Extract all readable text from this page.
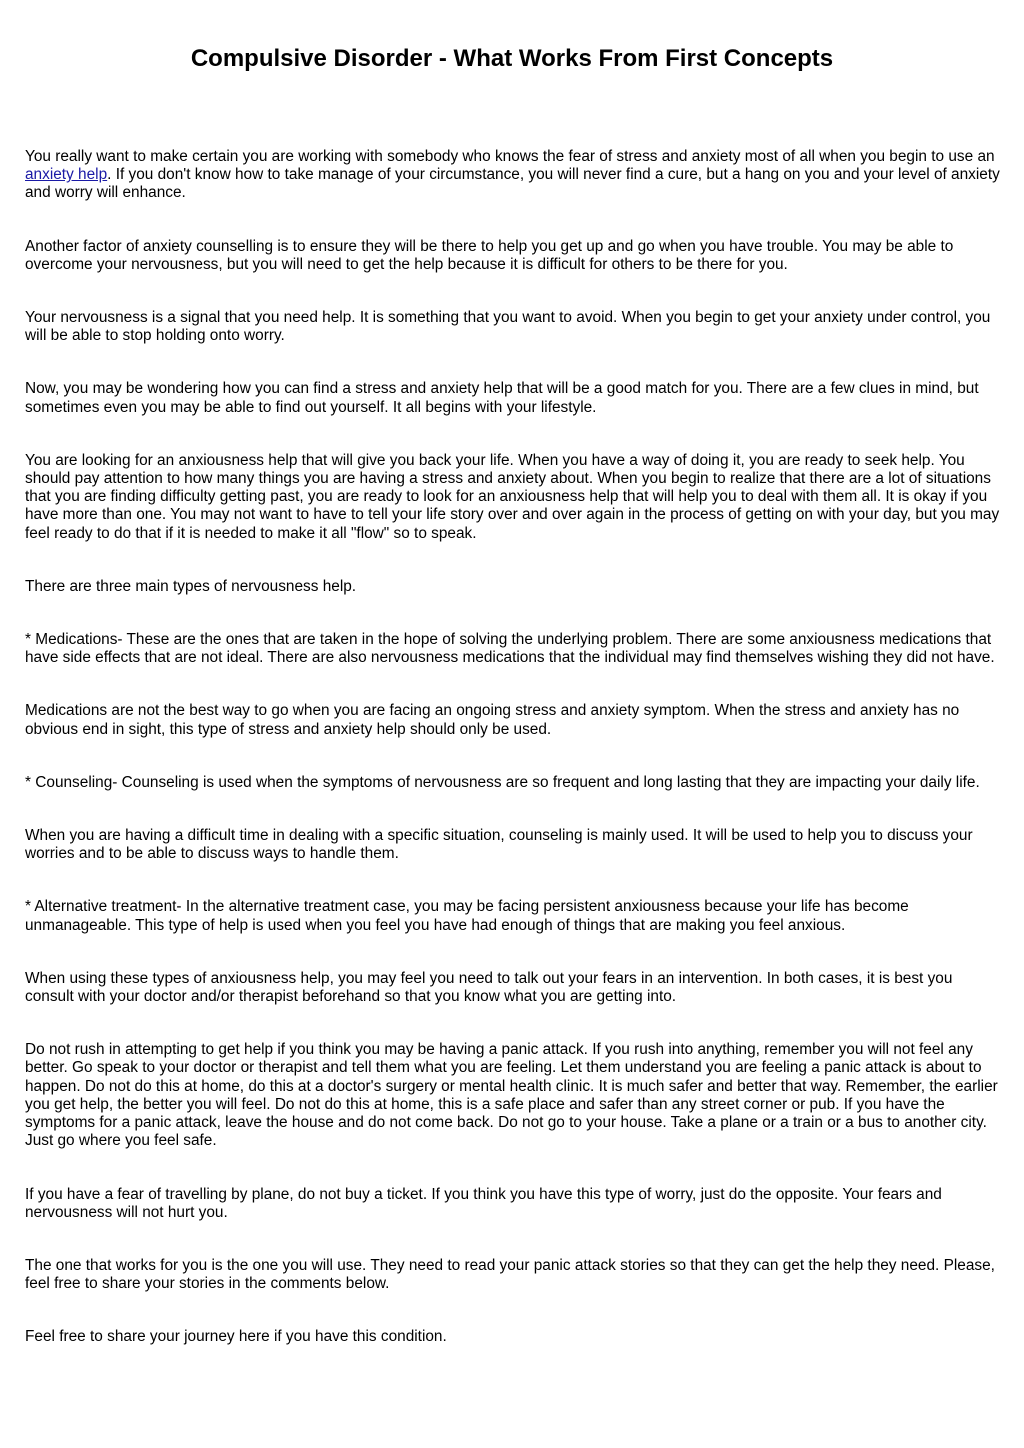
Compulsive Disorder - What Works From First Concepts

You really want to make certain you are working with somebody who knows the fear of stress and anxiety most of all when you begin to use an anxiety help. If you don't know how to take manage of your circumstance, you will never find a cure, but a hang on you and your level of anxiety and worry will enhance.

Another factor of anxiety counselling is to ensure they will be there to help you get up and go when you have trouble. You may be able to overcome your nervousness, but you will need to get the help because it is difficult for others to be there for you.

Your nervousness is a signal that you need help. It is something that you want to avoid. When you begin to get your anxiety under control, you will be able to stop holding onto worry.

Now, you may be wondering how you can find a stress and anxiety help that will be a good match for you. There are a few clues in mind, but sometimes even you may be able to find out yourself. It all begins with your lifestyle.

You are looking for an anxiousness help that will give you back your life. When you have a way of doing it, you are ready to seek help. You should pay attention to how many things you are having a stress and anxiety about. When you begin to realize that there are a lot of situations that you are finding difficulty getting past, you are ready to look for an anxiousness help that will help you to deal with them all. It is okay if you have more than one. You may not want to have to tell your life story over and over again in the process of getting on with your day, but you may feel ready to do that if it is needed to make it all "flow" so to speak.

There are three main types of nervousness help.

* Medications- These are the ones that are taken in the hope of solving the underlying problem. There are some anxiousness medications that have side effects that are not ideal. There are also nervousness medications that the individual may find themselves wishing they did not have.

Medications are not the best way to go when you are facing an ongoing stress and anxiety symptom. When the stress and anxiety has no obvious end in sight, this type of stress and anxiety help should only be used.

* Counseling- Counseling is used when the symptoms of nervousness are so frequent and long lasting that they are impacting your daily life.

When you are having a difficult time in dealing with a specific situation, counseling is mainly used. It will be used to help you to discuss your worries and to be able to discuss ways to handle them.

* Alternative treatment- In the alternative treatment case, you may be facing persistent anxiousness because your life has become unmanageable. This type of help is used when you feel you have had enough of things that are making you feel anxious.

When using these types of anxiousness help, you may feel you need to talk out your fears in an intervention. In both cases, it is best you consult with your doctor and/or therapist beforehand so that you know what you are getting into.

Do not rush in attempting to get help if you think you may be having a panic attack. If you rush into anything, remember you will not feel any better. Go speak to your doctor or therapist and tell them what you are feeling. Let them understand you are feeling a panic attack is about to happen. Do not do this at home, do this at a doctor's surgery or mental health clinic. It is much safer and better that way. Remember, the earlier you get help, the better you will feel. Do not do this at home, this is a safe place and safer than any street corner or pub. If you have the symptoms for a panic attack, leave the house and do not come back. Do not go to your house. Take a plane or a train or a bus to another city. Just go where you feel safe.

If you have a fear of travelling by plane, do not buy a ticket. If you think you have this type of worry, just do the opposite. Your fears and nervousness will not hurt you.

The one that works for you is the one you will use. They need to read your panic attack stories so that they can get the help they need. Please, feel free to share your stories in the comments below.

Feel free to share your journey here if you have this condition.
